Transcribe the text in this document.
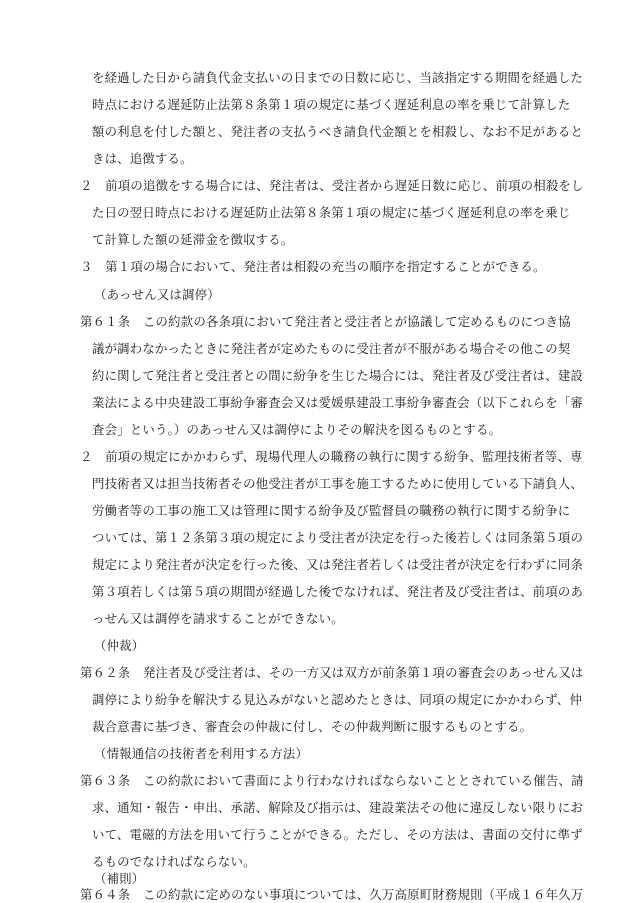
を経過した日から請負代金支払いの日までの日数に応じ、当該指定する期間を経過した
時点における遅延防止法第８条第１項の規定に基づく遅延利息の率を乗じて計算した
額の利息を付した額と、発注者の支払うべき請負代金額とを相殺し、なお不足があると
きは、追徴する。
２　前項の追徴をする場合には、発注者は、受注者から遅延日数に応じ、前項の相殺をし
た日の翌日時点における遅延防止法第８条第１項の規定に基づく遅延利息の率を乗じ
て計算した額の延滞金を徴収する。
３　第１項の場合において、発注者は相殺の充当の順序を指定することができる。
（あっせん又は調停）
第６１条　この約款の各条項において発注者と受注者とが協議して定めるものにつき協
議が調わなかったときに発注者が定めたものに受注者が不服がある場合その他この契
約に関して発注者と受注者との間に紛争を生じた場合には、発注者及び受注者は、建設
業法による中央建設工事紛争審査会又は愛媛県建設工事紛争審査会（以下これらを「審
査会」という。）のあっせん又は調停によりその解決を図るものとする。
２　前項の規定にかかわらず、現場代理人の職務の執行に関する紛争、監理技術者等、専
門技術者又は担当技術者その他受注者が工事を施工するために使用している下請負人、
労働者等の工事の施工又は管理に関する紛争及び監督員の職務の執行に関する紛争に
ついては、第１２条第３項の規定により受注者が決定を行った後若しくは同条第５項の
規定により発注者が決定を行った後、又は発注者若しくは受注者が決定を行わずに同条
第３項若しくは第５項の期間が経過した後でなければ、発注者及び受注者は、前項のあ
っせん又は調停を請求することができない。
（仲裁）
第６２条　発注者及び受注者は、その一方又は双方が前条第１項の審査会のあっせん又は
調停により紛争を解決する見込みがないと認めたときは、同項の規定にかかわらず、仲
裁合意書に基づき、審査会の仲裁に付し、その仲裁判断に服するものとする。
（情報通信の技術者を利用する方法）
第６３条　この約款において書面により行わなければならないこととされている催告、請
求、通知・報告・申出、承諾、解除及び指示は、建設業法その他に違反しない限りにお
いて、電磁的方法を用いて行うことができる。ただし、その方法は、書面の交付に準ず
るものでなければならない。
（補則）
第６４条　この約款に定めのない事項については、久万高原町財務規則（平成１６年久万
